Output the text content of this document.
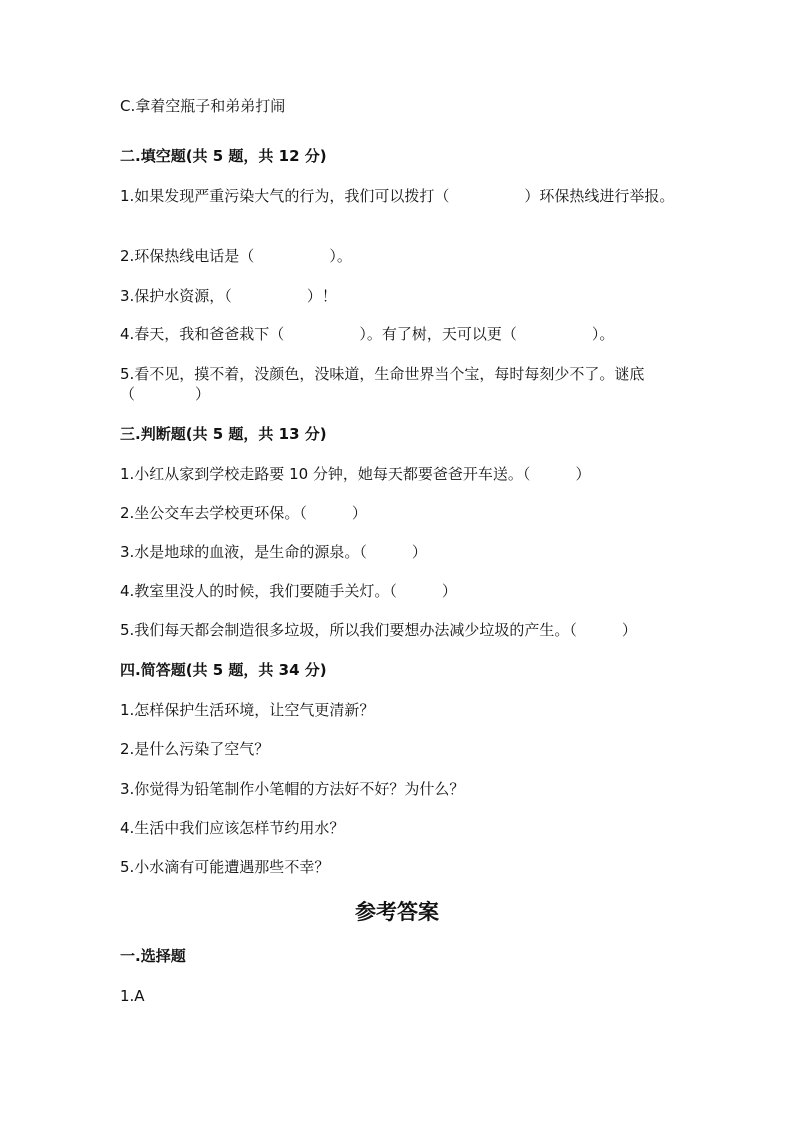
C.拿着空瓶子和弟弟打闹
二.填空题(共 5 题，共 12 分)
1.如果发现严重污染大气的行为，我们可以拨打（　　　　　）环保热线进行举报。
2.环保热线电话是（　　　　　）。
3.保护水资源，（　　　　　）！
4.春天，我和爸爸栽下（　　　　　）。有了树，天可以更（　　　　　）。
5.看不见，摸不着，没颜色，没味道，生命世界当个宝，每时每刻少不了。谜底（　　　　）
三.判断题(共 5 题，共 13 分)
1.小红从家到学校走路要 10 分钟，她每天都要爸爸开车送。（　　　）
2.坐公交车去学校更环保。（　　　）
3.水是地球的血液，是生命的源泉。（　　　）
4.教室里没人的时候，我们要随手关灯。（　　　）
5.我们每天都会制造很多垃圾，所以我们要想办法减少垃圾的产生。（　　　）
四.简答题(共 5 题，共 34 分)
1.怎样保护生活环境，让空气更清新？
2.是什么污染了空气？
3.你觉得为铅笔制作小笔帽的方法好不好？为什么？
4.生活中我们应该怎样节约用水？
5.小水滴有可能遭遇那些不幸？
参考答案
一.选择题
1.A
